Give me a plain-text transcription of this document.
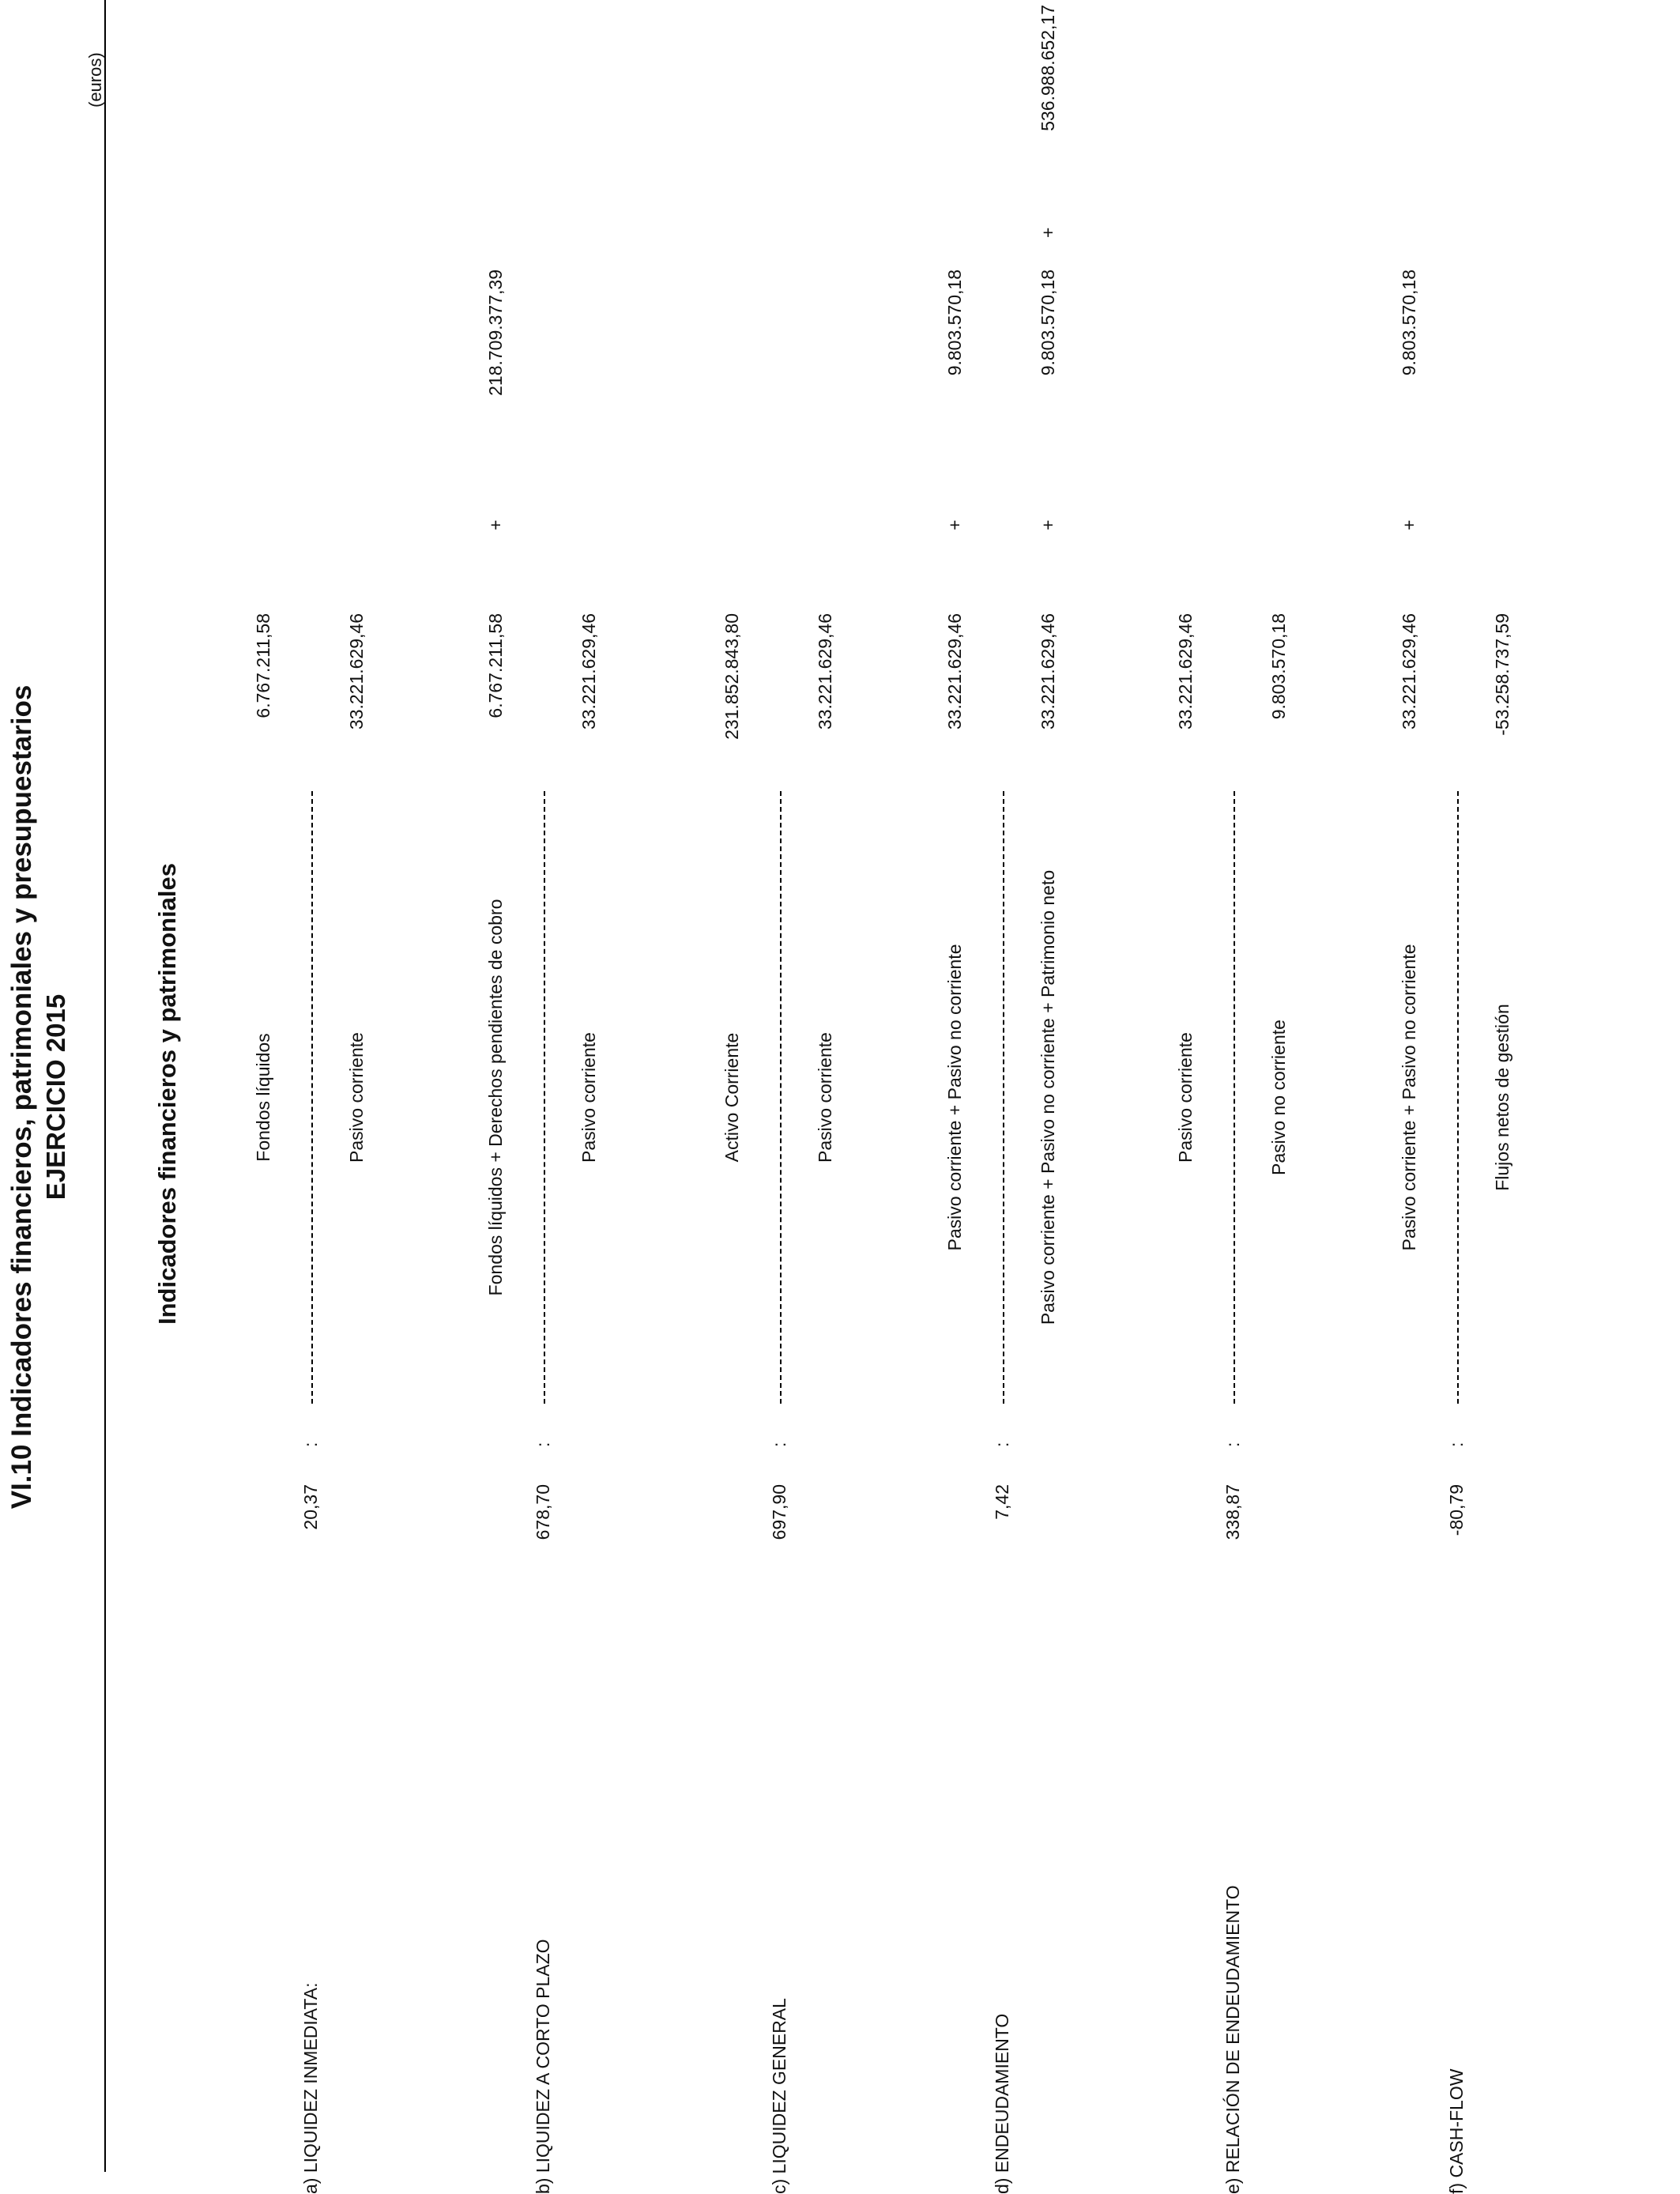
VI.10 Indicadores financieros, patrimoniales y presupuestarios EJERCICIO 2015
(euros)
Indicadores financieros y patrimoniales
a) LIQUIDEZ INMEDIATA:
20,37
:
Fondos líquidos
6.767.211,58
Pasivo corriente
33.221.629,46
b) LIQUIDEZ A CORTO PLAZO
678,70
:
Fondos líquidos + Derechos pendientes de cobro
6.767.211,58
+
218.709.377,39
Pasivo corriente
33.221.629,46
c) LIQUIDEZ GENERAL
697,90
:
Activo Corriente
231.852.843,80
Pasivo corriente
33.221.629,46
d) ENDEUDAMIENTO
7,42
:
Pasivo corriente + Pasivo no corriente
33.221.629,46
+
9.803.570,18
Pasivo corriente + Pasivo no corriente + Patrimonio neto
33.221.629,46
+
9.803.570,18
+
536.988.652,17
e) RELACIÓN DE ENDEUDAMIENTO
338,87
:
Pasivo corriente
33.221.629,46
Pasivo no corriente
9.803.570,18
f) CASH-FLOW
-80,79
:
Pasivo corriente + Pasivo no corriente
33.221.629,46
+
9.803.570,18
Flujos netos de gestión
-53.258.737,59
